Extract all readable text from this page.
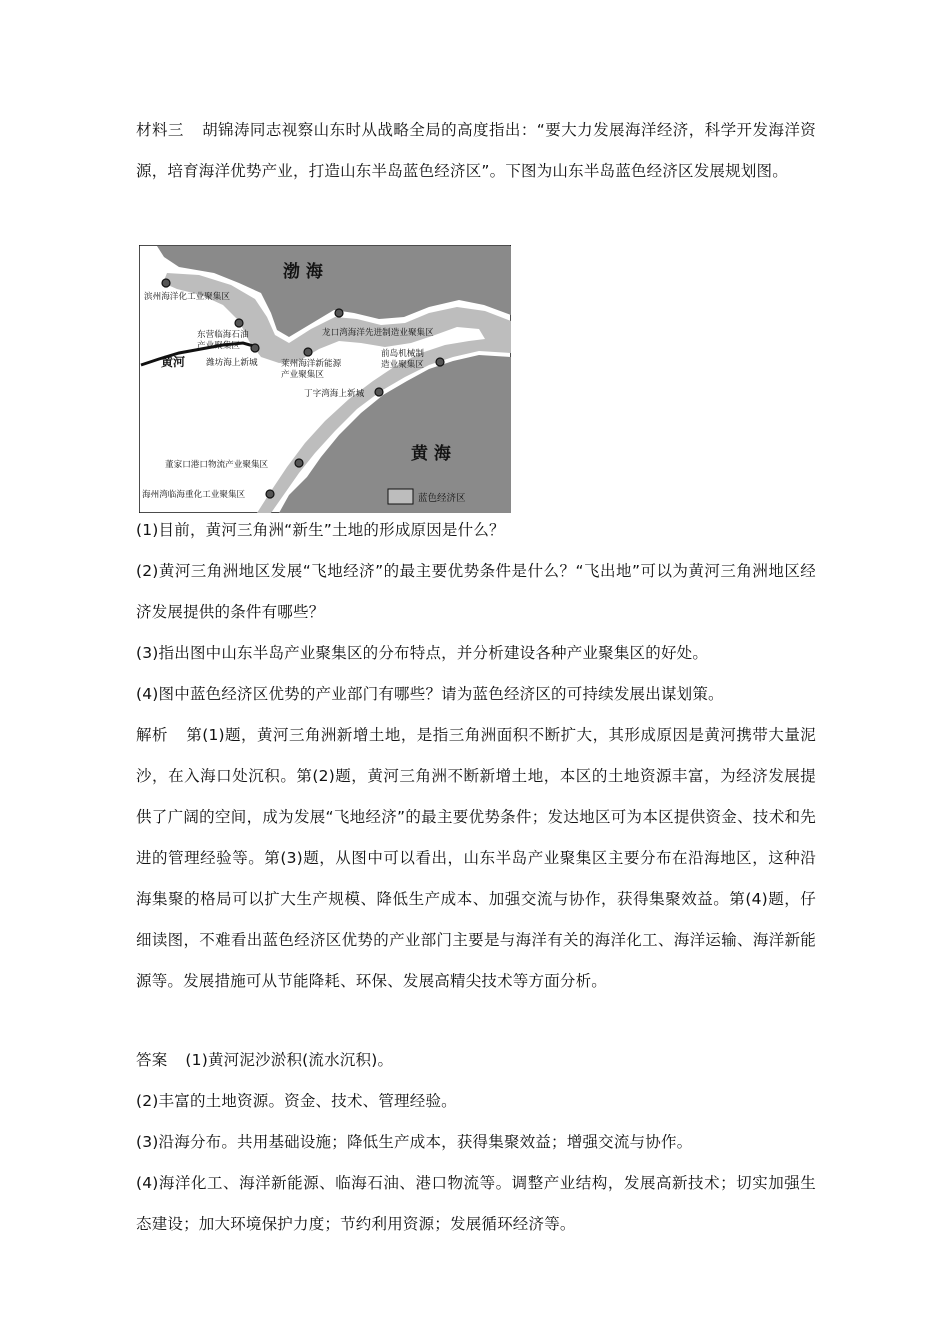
材料三 胡锦涛同志视察山东时从战略全局的高度指出：“要大力发展海洋经济，科学开发海洋资源，培育海洋优势产业，打造山东半岛蓝色经济区”。下图为山东半岛蓝色经济区发展规划图。
渤 海
黄 海
黄河
滨州海洋化工业聚集区
东营临海石油
产业聚集区
潍坊海上新城	莱州海洋新能源
产业聚集区
龙口湾海洋先进制造业聚集区
前岛机械制
造业聚集区
丁字湾海上新城
董家口港口物流产业聚集区
海州湾临海重化工业聚集区	蓝色经济区
(1)目前，黄河三角洲“新生”土地的形成原因是什么？
(2)黄河三角洲地区发展“飞地经济”的最主要优势条件是什么？“飞出地”可以为黄河三角洲地区经济发展提供的条件有哪些？
(3)指出图中山东半岛产业聚集区的分布特点，并分析建设各种产业聚集区的好处。
(4)图中蓝色经济区优势的产业部门有哪些？请为蓝色经济区的可持续发展出谋划策。
解析 第(1)题，黄河三角洲新增土地，是指三角洲面积不断扩大，其形成原因是黄河携带大量泥沙，在入海口处沉积。第(2)题，黄河三角洲不断新增土地，本区的土地资源丰富，为经济发展提供了广阔的空间，成为发展“飞地经济”的最主要优势条件；发达地区可为本区提供资金、技术和先进的管理经验等。第(3)题，从图中可以看出，山东半岛产业聚集区主要分布在沿海地区，这种沿海集聚的格局可以扩大生产规模、降低生产成本、加强交流与协作，获得集聚效益。第(4)题，仔细读图，不难看出蓝色经济区优势的产业部门主要是与海洋有关的海洋化工、海洋运输、海洋新能源等。发展措施可从节能降耗、环保、发展高精尖技术等方面分析。
答案 (1)黄河泥沙淤积(流水沉积)。
(2)丰富的土地资源。资金、技术、管理经验。
(3)沿海分布。共用基础设施；降低生产成本，获得集聚效益；增强交流与协作。
(4)海洋化工、海洋新能源、临海石油、港口物流等。调整产业结构，发展高新技术；切实加强生态建设；加大环境保护力度；节约利用资源；发展循环经济等。
